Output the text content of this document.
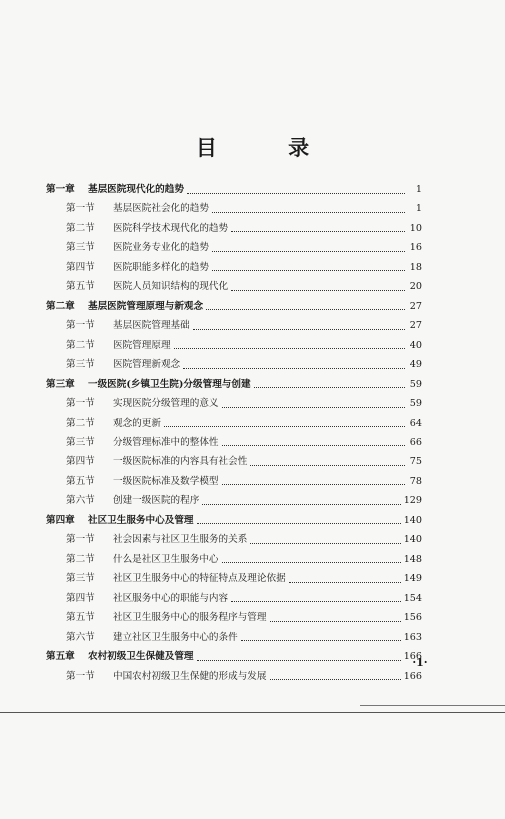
目 录
第一章	基层医院现代化的趋势	1
第一节	基层医院社会化的趋势	1
第二节	医院科学技术现代化的趋势	10
第三节	医院业务专业化的趋势	16
第四节	医院职能多样化的趋势	18
第五节	医院人员知识结构的现代化	20
第二章	基层医院管理原理与新观念	27
第一节	基层医院管理基础	27
第二节	医院管理原理	40
第三节	医院管理新观念	49
第三章	一级医院(乡镇卫生院)分级管理与创建	59
第一节	实现医院分级管理的意义	59
第二节	观念的更新	64
第三节	分级管理标准中的整体性	66
第四节	一级医院标准的内容具有社会性	75
第五节	一级医院标准及数学模型	78
第六节	创建一级医院的程序	129
第四章	社区卫生服务中心及管理	140
第一节	社会因素与社区卫生服务的关系	140
第二节	什么是社区卫生服务中心	148
第三节	社区卫生服务中心的特征特点及理论依据	149
第四节	社区服务中心的职能与内容	154
第五节	社区卫生服务中心的服务程序与管理	156
第六节	建立社区卫生服务中心的条件	163
第五章	农村初级卫生保健及管理	166
第一节	中国农村初级卫生保健的形成与发展	166
·1·
